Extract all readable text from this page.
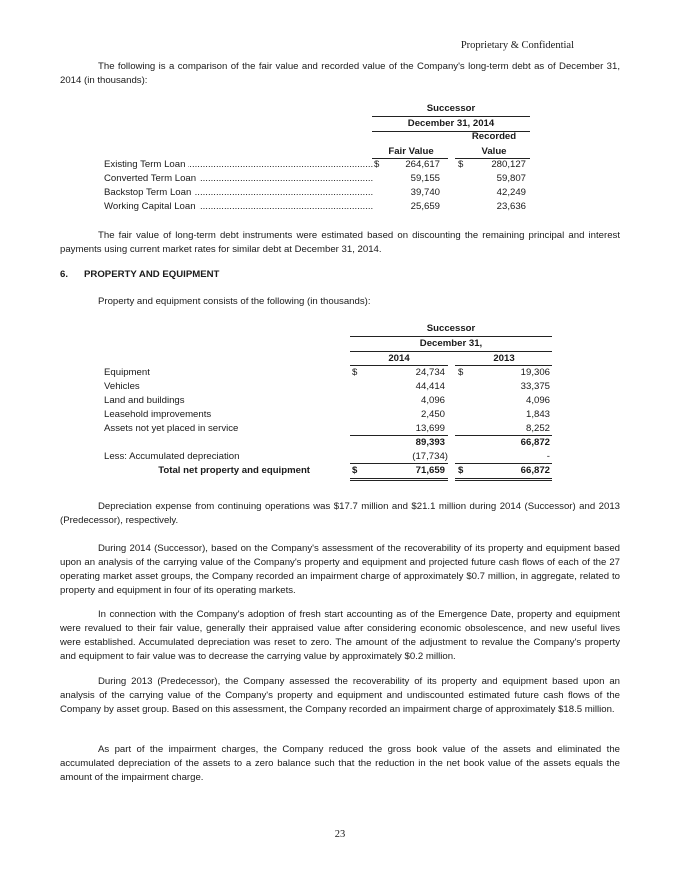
Proprietary & Confidential

The following is a comparison of the fair value and recorded value of the Company's long-term debt as of December 31, 2014 (in thousands):

Successor
December 31, 2014
Recorded
Fair Value	Value
.....
Existing Term Loan	$	264,617 $	280,127
.....
Converted Term Loan	59,155	59,807
.....
Backstop Term Loan	39,740	42,249
.....
Working Capital Loan	25,659	23,636

The fair value of long-term debt instruments were estimated based on discounting the remaining principal and interest payments using current market rates for similar debt at December 31, 2014.

6. PROPERTY AND EQUIPMENT

Property and equipment consists of the following (in thousands):

Successor
December 31,
2014	2013
Equipment	$	24,734 $	19,306
Vehicles	44,414	33,375
Land and buildings	4,096	4,096
Leasehold improvements	2,450	1,843
Assets not yet placed in service	13,699	8,252
89,393	66,872
Less: Accumulated depreciation	(17,734)	-
Total net property and equipment	$	71,659 $	66,872

Depreciation expense from continuing operations was $17.7 million and $21.1 million during 2014 (Successor) and 2013 (Predecessor), respectively.

During 2014 (Successor), based on the Company's assessment of the recoverability of its property and equipment based upon an analysis of the carrying value of the Company's property and equipment and projected future cash flows of each of the 27 operating market asset groups, the Company recorded an impairment charge of approximately $0.7 million, in aggregate, related to property and equipment in four of its operating markets.

In connection with the Company's adoption of fresh start accounting as of the Emergence Date, property and equipment were revalued to their fair value, generally their appraised value after considering economic obsolescence, and new useful lives were established. Accumulated depreciation was reset to zero. The amount of the adjustment to revalue the Company's property and equipment to fair value was to decrease the carrying value by approximately $0.2 million.

During 2013 (Predecessor), the Company assessed the recoverability of its property and equipment based upon an analysis of the carrying value of the Company's property and equipment and undiscounted estimated future cash flows of the Company by asset group. Based on this assessment, the Company recorded an impairment charge of approximately $18.5 million.

As part of the impairment charges, the Company reduced the gross book value of the assets and eliminated the accumulated depreciation of the assets to a zero balance such that the reduction in the net book value of the assets equals the amount of the impairment charge.

23
